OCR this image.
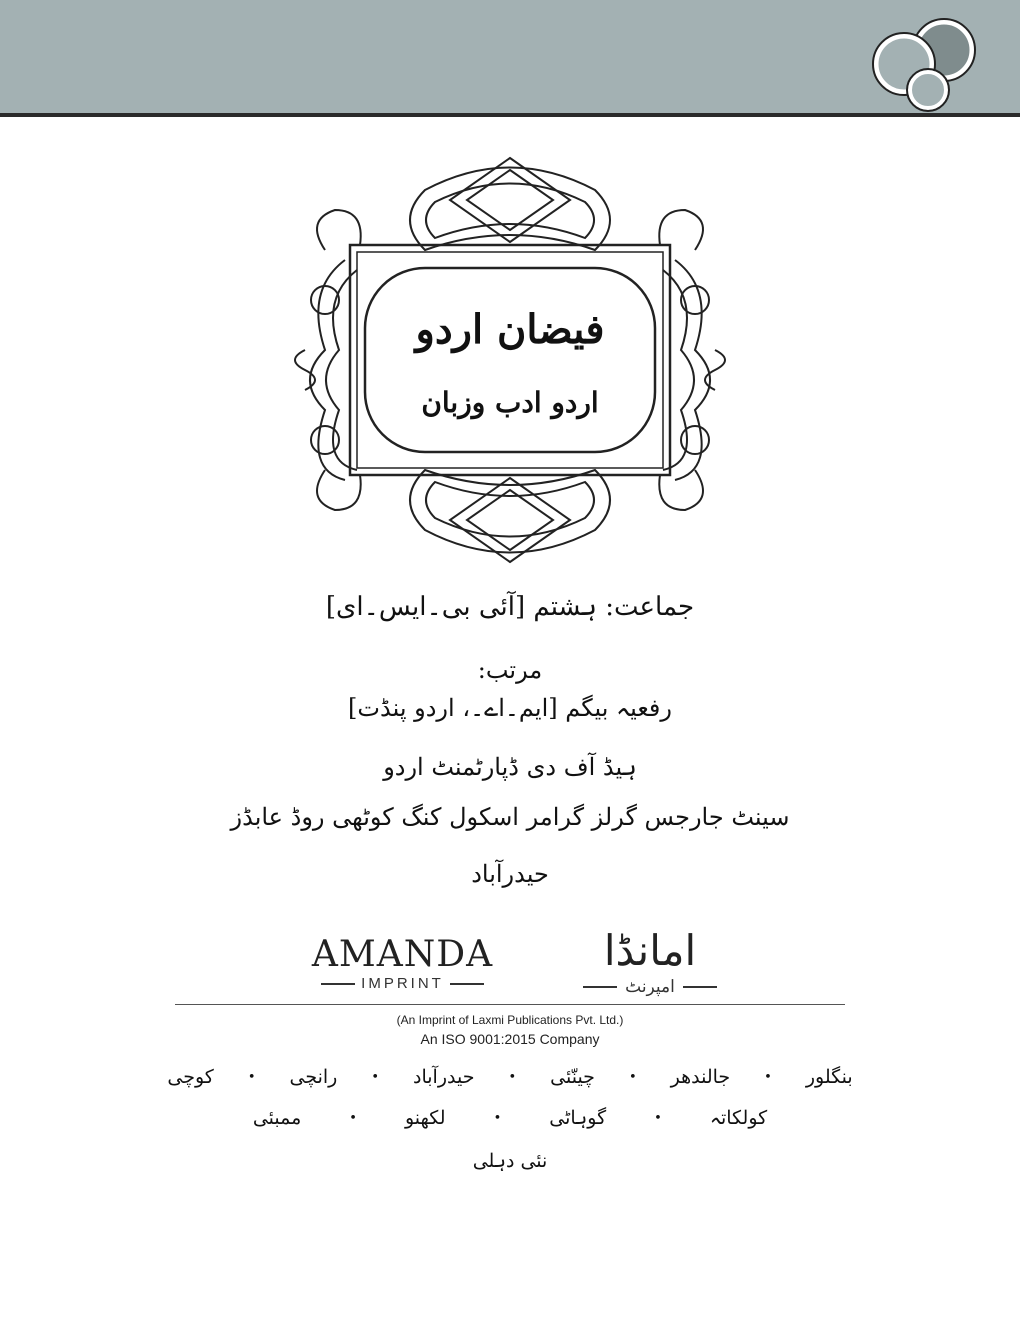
فیضان اردو
اردو ادب وزبان
جماعت: ہشتم [آئی بی۔ایس۔ای]
مرتب:
رفعیہ بیگم [ایم۔اے۔، اردو پنڈت]
ہیڈ آف دی ڈپارٹمنٹ اردو
سینٹ جارجس گرلز گرامر اسکول کنگ کوٹھی روڈ عابڈز
حیدرآباد
AMANDA
IMPRINT
امانڈا
امپرنٹ
(An Imprint of Laxmi Publications Pvt. Ltd.)
An ISO 9001:2015 Company
بنگلور
•
جالندھر
•
چینّئی
•
حیدرآباد
•
رانچی
•
کوچی
کولکاتہ
•
گوہاٹی
•
لکھنو
•
ممبئی
نئی دہلی
